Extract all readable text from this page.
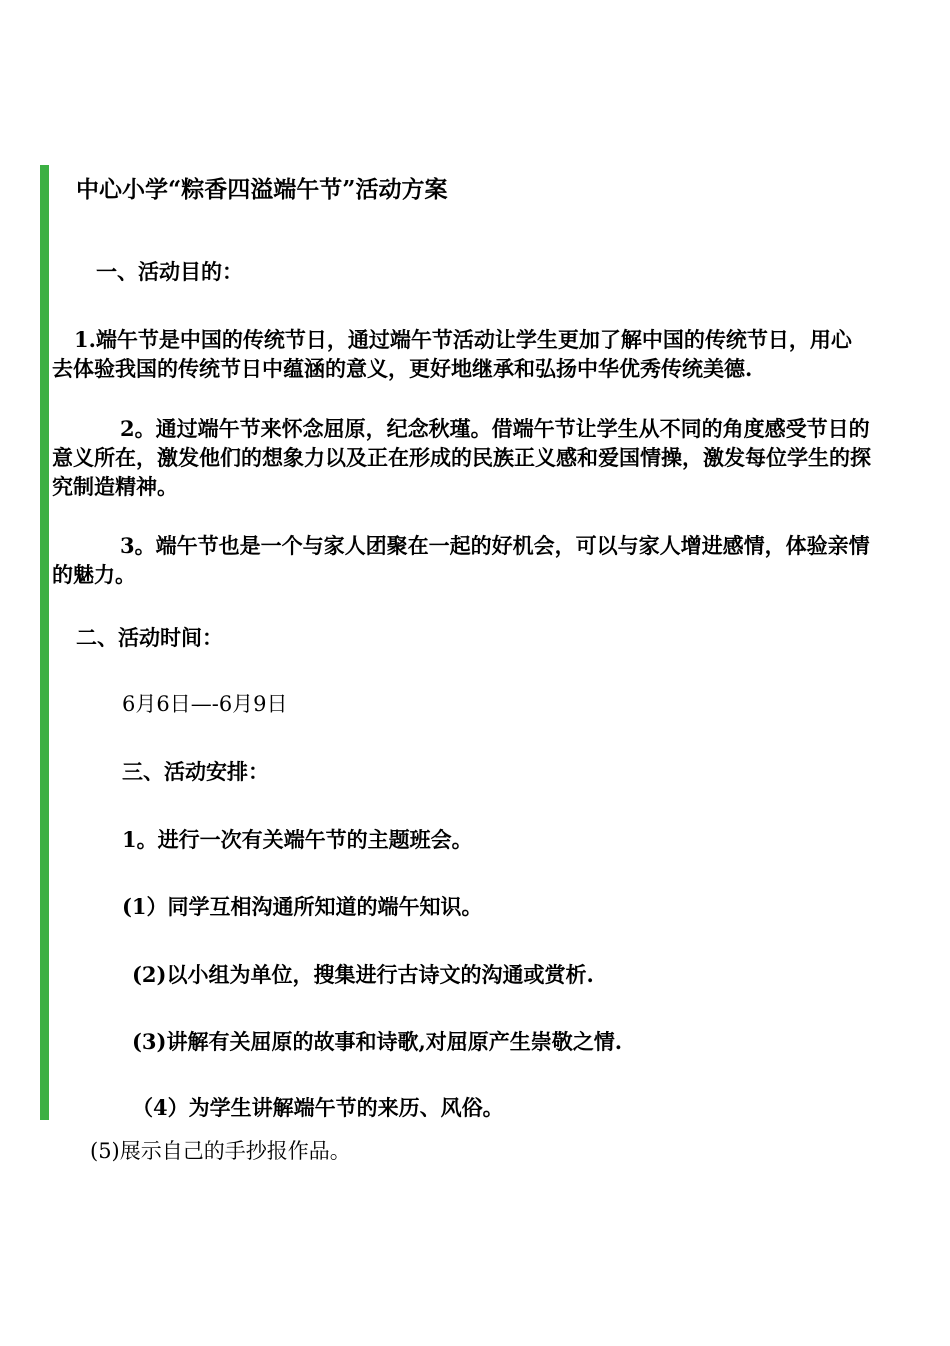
中心小学“粽香四溢端午节”活动方案
一、活动目的：
1.端午节是中国的传统节日，通过端午节活动让学生更加了解中国的传统节日，用心去体验我国的传统节日中蕴涵的意义，更好地继承和弘扬中华优秀传统美德.
2。通过端午节来怀念屈原，纪念秋瑾。借端午节让学生从不同的角度感受节日的意义所在，激发他们的想象力以及正在形成的民族正义感和爱国情操，激发每位学生的探究制造精神。
3。端午节也是一个与家人团聚在一起的好机会，可以与家人增进感情，体验亲情的魅力。
二、活动时间：
6月6日—-6月9日
三、活动安排：
1。进行一次有关端午节的主题班会。
(1）同学互相沟通所知道的端午知识。
(2)以小组为单位，搜集进行古诗文的沟通或赏析.
(3)讲解有关屈原的故事和诗歌,对屈原产生崇敬之情.
（4）为学生讲解端午节的来历、风俗。
(5)展示自己的手抄报作品。
